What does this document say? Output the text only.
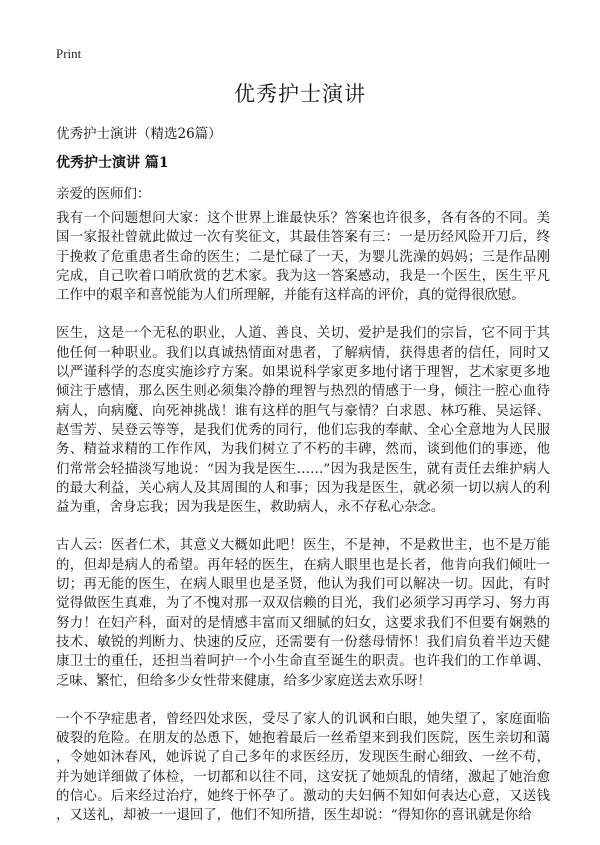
Print
优秀护士演讲
优秀护士演讲（精选26篇）
优秀护士演讲 篇1
亲爱的医师们：
我有一个问题想问大家：这个世界上谁最快乐？答案也许很多，各有各的不同。美
国一家报社曾就此做过一次有奖征文，其最佳答案有三：一是历经风险开刀后，终
于挽救了危重患者生命的医生；二是忙碌了一天，为婴儿洗澡的妈妈；三是作品刚
完成，自己吹着口哨欣赏的艺术家。我为这一答案感动，我是一个医生，医生平凡
工作中的艰辛和喜悦能为人们所理解，并能有这样高的评价，真的觉得很欣慰。
医生，这是一个无私的职业，人道、善良、关切、爱护是我们的宗旨，它不同于其
他任何一种职业。我们以真诚热情面对患者，了解病情，获得患者的信任，同时又
以严谨科学的态度实施诊疗方案。如果说科学家更多地付诸于理智，艺术家更多地
倾注于感情，那么医生则必须集冷静的理智与热烈的情感于一身，倾注一腔心血待
病人，向病魔、向死神挑战！谁有这样的胆气与豪情？白求恩、林巧稚、吴运铎、
赵雪芳、吴登云等等，是我们优秀的同行，他们忘我的奉献、全心全意地为人民服
务、精益求精的工作作风，为我们树立了不朽的丰碑，然而，谈到他们的事迹，他
们常常会轻描淡写地说：“因为我是医生……”因为我是医生，就有责任去维护病人
的最大利益，关心病人及其周围的人和事；因为我是医生，就必须一切以病人的利
益为重，舍身忘我；因为我是医生，救助病人，永不存私心杂念。
古人云：医者仁术，其意义大概如此吧！医生，不是神，不是救世主，也不是万能
的，但却是病人的希望。再年轻的医生，在病人眼里也是长者，他肯向我们倾吐一
切；再无能的医生，在病人眼里也是圣贤，他认为我们可以解决一切。因此，有时
觉得做医生真难，为了不愧对那一双双信赖的目光，我们必须学习再学习、努力再
努力！在妇产科，面对的是情感丰富而又细腻的妇女，这要求我们不但要有娴熟的
技术、敏锐的判断力、快速的反应，还需要有一份慈母情怀！我们肩负着半边天健
康卫士的重任，还担当着呵护一个小生命直至诞生的职责。也许我们的工作单调、
乏味、繁忙，但给多少女性带来健康，给多少家庭送去欢乐呀！
一个不孕症患者，曾经四处求医，受尽了家人的讥讽和白眼，她失望了，家庭面临
破裂的危险。在朋友的怂恿下，她抱着最后一丝希望来到我们医院，医生亲切和蔼
，令她如沐春风，她诉说了自己多年的求医经历，发现医生耐心细致、一丝不苟，
并为她详细做了体检，一切都和以往不同，这安抚了她烦乱的情绪，激起了她治愈
的信心。后来经过治疗，她终于怀孕了。激动的夫妇俩不知如何表达心意，又送钱
，又送礼，却被一一退回了，他们不知所措，医生却说：“得知你的喜讯就是你给
